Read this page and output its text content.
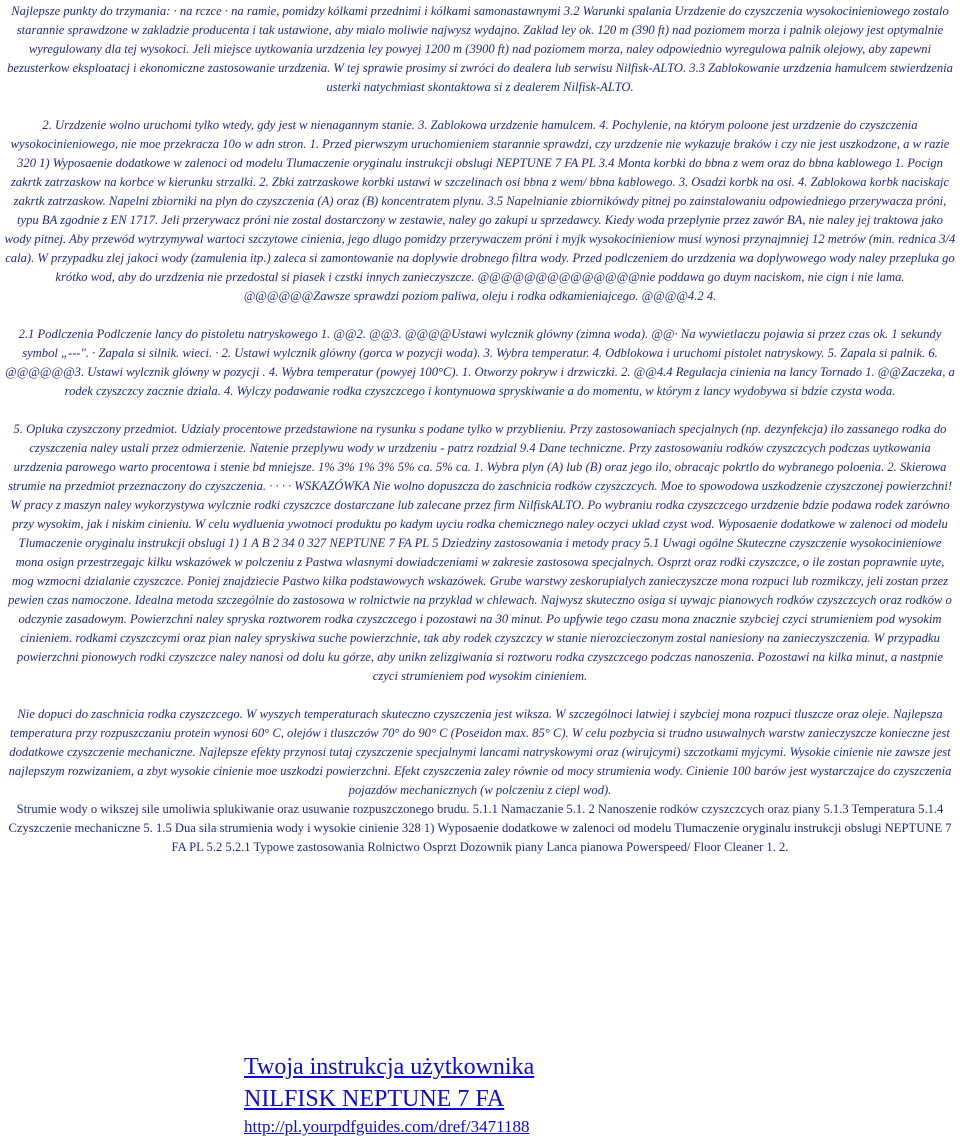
Najlepsze punkty do trzymania: · na rczce · na ramie, pomidzy kólkami przednimi i kólkami samonastawnymi 3.2 Warunki spalania Urzdzenie do czyszczenia wysokocinieniowego zostalo starannie sprawdzone w zakladzie producenta i tak ustawione, aby mialo moliwie najwysz wydajno. Zaklad ley ok. 120 m (390 ft) nad poziomem morza i palnik olejowy jest optymalnie wyregulowany dla tej wysokoci. Jeli miejsce uytkowania urzdzenia ley powyej 1200 m (3900 ft) nad poziomem morza, naley odpowiednio wyregulowa palnik olejowy, aby zapewni bezusterkow eksploatacj i ekonomiczne zastosowanie urzdzenia. W tej sprawie prosimy si zwróci do dealera lub serwisu Nilfisk-ALTO. 3.3 Zablokowanie urzdzenia hamulcem stwierdzenia usterki natychmiast skontaktowa si z dealerem Nilfisk-ALTO.

2. Urzdzenie wolno uruchomi tylko wtedy, gdy jest w nienagannym stanie. 3. Zablokowa urzdzenie hamulcem. 4. Pochylenie, na którym poloone jest urzdzenie do czyszczenia wysokocinieniowego, nie moe przekracza 10o w adn stron. 1. Przed pierwszym uruchomieniem starannie sprawdzi, czy urzdzenie nie wykazuje braków i czy nie jest uszkodzone, a w razie 320 1) Wyposaenie dodatkowe w zalenoci od modelu Tlumaczenie oryginalu instrukcji obslugi NEPTUNE 7 FA PL 3.4 Monta korbki do bbna z wem oraz do bbna kablowego 1. Pocign zakrtk zatrzaskow na korbce w kierunku strzalki. 2. Zbki zatrzaskowe korbki ustawi w szczelinach osi bbna z wem/ bbna kablowego. 3. Osadzi korbk na osi. 4. Zablokowa korbk naciskajc zakrtk zatrzaskow. Napelni zbiorniki na plyn do czyszczenia (A) oraz (B) koncentratem plynu. 3.5 Napelnianie zbiornikówdy pitnej po zainstalowaniu odpowiedniego przerywacza próni, typu BA zgodnie z EN 1717. Jeli przerywacz próni nie zostal dostarczony w zestawie, naley go zakupi u sprzedawcy. Kiedy woda przeplynie przez zawór BA, nie naley jej traktowa jako wody pitnej. Aby przewód wytrzymywal wartoci szczytowe cinienia, jego dlugo pomidzy przerywaczem próni i myjk wysokocinieniow musi wynosi przynajmniej 12 metrów (min. rednica 3/4 cala). W przypadku zlej jakoci wody (zamulenia itp.) zaleca si zamontowanie na doplywie drobnego filtra wody. Przed podlczeniem do urzdzenia wa doplywowego wody naley przepluka go krótko wod, aby do urzdzenia nie przedostal si piasek i czstki innych zanieczyszcze. @@@@@@@@@@@@@@nie poddawa go duym naciskom, nie cign i nie lama. @@@@@@Zawsze sprawdzi poziom paliwa, oleju i rodka odkamieniajcego. @@@@4.2 4.

2.1 Podlczenia Podlczenie lancy do pistoletu natryskowego 1. @@2. @@3. @@@@Ustawi wylcznik glówny (zimna woda). @@· Na wywietlaczu pojawia si przez czas ok. 1 sekundy symbol „---". · Zapala si silnik. wieci. · 2. Ustawi wylcznik glówny (gorca w pozycji woda). 3. Wybra temperatur. 4. Odblokowa i uruchomi pistolet natryskowy. 5. Zapala si palnik. 6. @@@@@@3. Ustawi wylcznik glówny w pozycji . 4. Wybra temperatur (powyej 100°C). 1. Otworzy pokryw i drzwiczki. 2. @@4.4 Regulacja cinienia na lancy Tornado 1. @@Zaczeka, a rodek czyszczcy zacznie dziala. 4. Wylczy podawanie rodka czyszczcego i kontynuowa spryskiwanie a do momentu, w którym z lancy wydobywa si bdzie czysta woda.

5. Opluka czyszczony przedmiot. Udzialy procentowe przedstawione na rysunku s podane tylko w przyblieniu. Przy zastosowaniach specjalnych (np. dezynfekcja) ilo zassanego rodka do czyszczenia naley ustali przez odmierzenie. Natenie przeplywu wody w urzdzeniu - patrz rozdzial 9.4 Dane techniczne. Przy zastosowaniu rodków czyszczcych podczas uytkowania urzdzenia parowego warto procentowa i stenie bd mniejsze. 1% 3% 1% 3% 5% ca. 5% ca. 1. Wybra plyn (A) lub (B) oraz jego ilo, obracajc pokrtlo do wybranego poloenia. 2. Skierowa strumie na przedmiot przeznaczony do czyszczenia. · · · · WSKAZÓWKA Nie wolno dopuszcza do zaschnicia rodków czyszczcych. Moe to spowodowa uszkodzenie czyszczonej powierzchni! W pracy z maszyn naley wykorzystywa wylcznie rodki czyszczce dostarczane lub zalecane przez firm NilfiskALTO. Po wybraniu rodka czyszczcego urzdzenie bdzie podawa rodek zarówno przy wysokim, jak i niskim cinieniu. W celu wydluenia ywotnoci produktu po kadym uyciu rodka chemicznego naley oczyci uklad czyst wod. Wyposaenie dodatkowe w zalenoci od modelu Tlumaczenie oryginalu instrukcji obslugi 1) 1 A B 2 34 0 327 NEPTUNE 7 FA PL 5 Dziedziny zastosowania i metody pracy 5.1 Uwagi ogólne Skuteczne czyszczenie wysokocinieniowe mona osign przestrzegajc kilku wskazówek w polczeniu z Pastwa wlasnymi dowiadczeniami w zakresie zastosowa specjalnych. Osprzt oraz rodki czyszczce, o ile zostan poprawnie uyte, mog wzmocni dzialanie czyszczce. Poniej znajdziecie Pastwo kilka podstawowych wskazówek. Grube warstwy zeskorupialych zanieczyszcze mona rozpuci lub rozmikczy, jeli zostan przez pewien czas namoczone. Idealna metoda szczególnie do zastosowa w rolnictwie na przyklad w chlewach. Najwysz skuteczno osiga si uywajc pianowych rodków czyszczcych oraz rodków o odczynie zasadowym. Powierzchni naley spryska roztworem rodka czyszczcego i pozostawi na 30 minut. Po upfywie tego czasu mona znacznie szybciej czyci strumieniem pod wysokim cinieniem. rodkami czyszczcymi oraz pian naley spryskiwa suche powierzchnie, tak aby rodek czyszczcy w stanie nierozcieczonym zostal naniesiony na zanieczyszczenia. W przypadku powierzchni pionowych rodki czyszczce naley nanosi od dolu ku górze, aby unikn zelizgiwania si roztworu rodka czyszczcego podczas nanoszenia. Pozostawi na kilka minut, a nastpnie czyci strumieniem pod wysokim cinieniem.

Nie dopuci do zaschnicia rodka czyszczcego. W wyszych temperaturach skuteczno czyszczenia jest wiksza. W szczególnoci latwiej i szybciej mona rozpuci tluszcze oraz oleje. Najlepsza temperatura przy rozpuszczaniu protein wynosi 60° C, olejów i tluszczów 70° do 90° C (Poseidon max. 85° C). W celu pozbycia si trudno usuwalnych warstw zanieczyszcze konieczne jest dodatkowe czyszczenie mechaniczne. Najlepsze efekty przynosi tutaj czyszczenie specjalnymi lancami natryskowymi oraz (wirujcymi) szczotkami myjcymi. Wysokie cinienie nie zawsze jest najlepszym rozwizaniem, a zbyt wysokie cinienie moe uszkodzi powierzchni. Efekt czyszczenia zaley równie od mocy strumienia wody. Cinienie 100 barów jest wystarczajce do czyszczenia pojazdów mechanicznych (w polczeniu z ciepl wod).

Strumie wody o wikszej sile umoliwia splukiwanie oraz usuwanie rozpuszczonego brudu. 5.1.1 Namaczanie 5.1. 2 Nanoszenie rodków czyszczcych oraz piany 5.1.3 Temperatura 5.1.4 Czyszczenie mechaniczne 5. 1.5 Dua sila strumienia wody i wysokie cinienie 328 1) Wyposaenie dodatkowe w zalenoci od modelu Tlumaczenie oryginalu instrukcji obslugi NEPTUNE 7 FA PL 5.2 5.2.1 Typowe zastosowania Rolnictwo Osprzt Dozownik piany Lanca pianowa Powerspeed/ Floor Cleaner 1. 2.

Twoja instrukcja użytkownika
NILFISK NEPTUNE 7 FA
http://pl.yourpdfguides.com/dref/3471188
